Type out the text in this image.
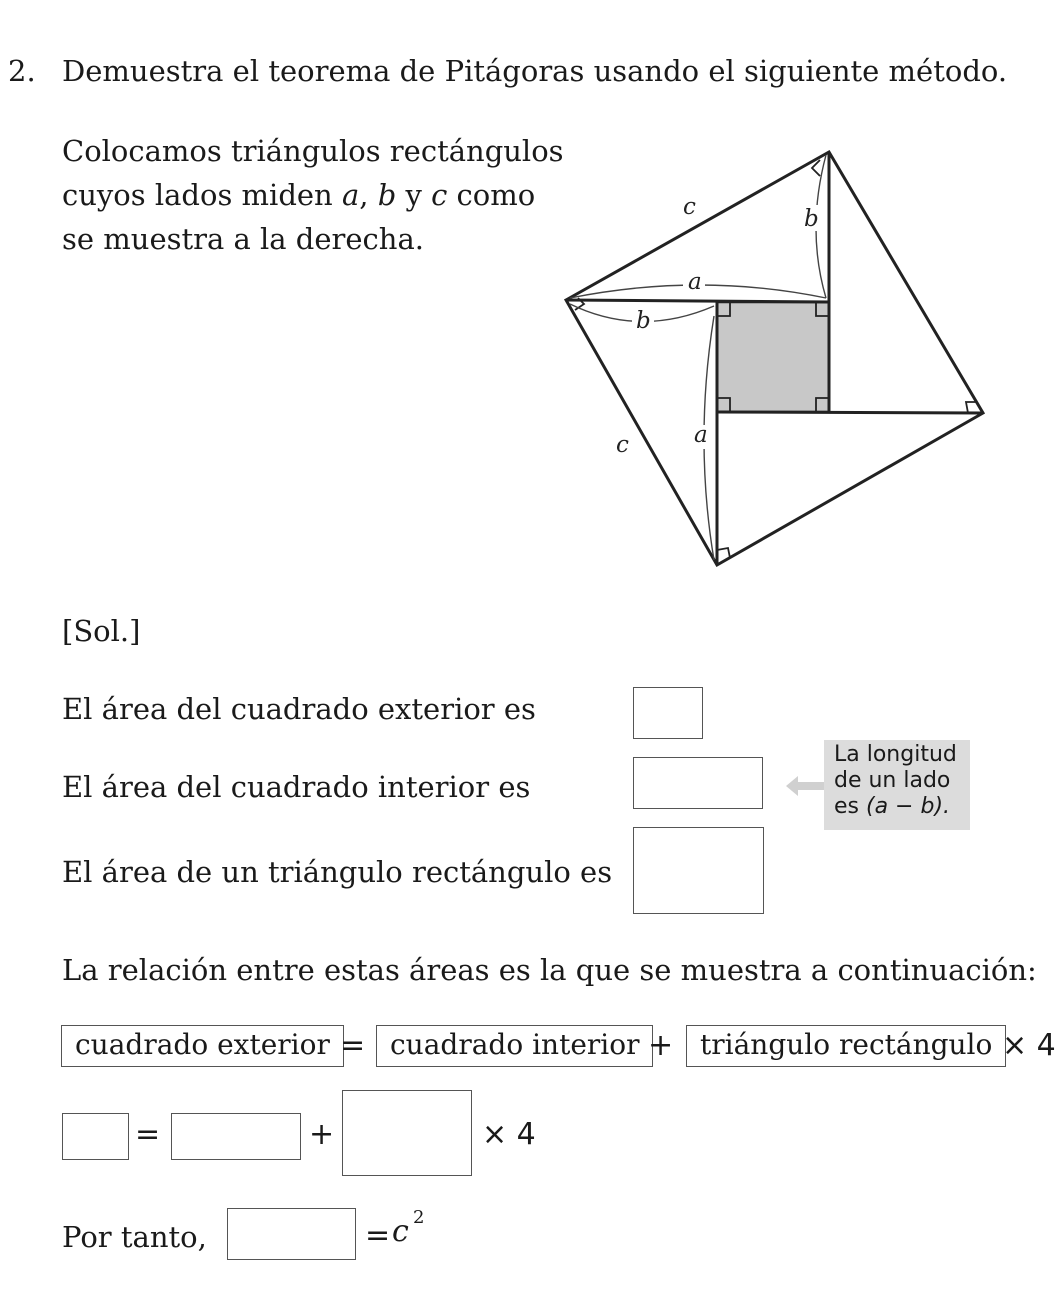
2. Demuestra el teorema de Pitágoras usando el siguiente método.
Colocamos triángulos rectángulos
cuyos lados miden a, b y c como
se muestra a la derecha.
c	b
a
b
c	a
[Sol.]
El área del cuadrado exterior es
El área del cuadrado interior es
La longitud
de un lado
es (a − b).
El área de un triángulo rectángulo es
La relación entre estas áreas es la que se muestra a continuación:
cuadrado exterior = cuadrado interior + triángulo rectángulo × 4
=	+	× 4
Por tanto,	= c 2
